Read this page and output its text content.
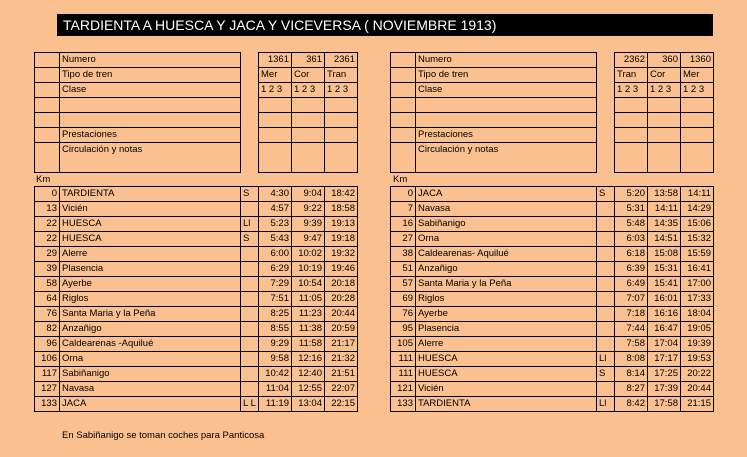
TARDIENTA A HUESCA Y JACA Y VICEVERSA ( NOVIEMBRE 1913)
	Numero		1361	361	2361
	Tipo de tren		Mer	Cor	Tran
	Clase		1 2 3	1 2 3	1 2 3

	Prestaciones				
	Circulación y notas				
	Numero		2362	360	1360
	Tipo de tren		Tran	Cor	Mer
	Clase		1 2 3	1 2 3	1 2 3

	Prestaciones				
	Circulación y notas				
Km	Km
0	TARDIENTA	S	4:30	9:04	18:42
13	Vicién		4:57	9:22	18:58
22	HUESCA	Ll	5:23	9:39	19:13
22	HUESCA	S	5:43	9:47	19:18
29	Alerre		6:00	10:02	19:32
39	Plasencia		6:29	10:19	19:46
58	Ayerbe		7:29	10:54	20:18
64	Riglos		7:51	11:05	20:28
76	Santa Maria y la Peña		8:25	11:23	20:44
82	Anzañigo		8:55	11:38	20:59
96	Caldearenas -Aquilué		9:29	11:58	21:17
106	Orna		9:58	12:16	21:32
117	Sabiñanigo		10:42	12:40	21:51
127	Navasa		11:04	12:55	22:07
133	JACA	L L	11:19	13:04	22:15
0	JACA	S	5:20	13:58	14:11
7	Navasa		5:31	14:11	14:29
16	Sabiñanigo		5:48	14:35	15:06
27	Orna		6:03	14:51	15:32
38	Caldearenas- Aquilué		6:18	15:08	15:59
51	Anzañigo		6:39	15:31	16:41
57	Santa Maria y la Peña		6:49	15:41	17:00
69	Riglos		7:07	16:01	17:33
76	Ayerbe		7:18	16:16	18:04
95	Plasencia		7:44	16:47	19:05
105	Alerre		7:58	17:04	19:39
111	HUESCA	Ll	8:08	17:17	19:53
111	HUESCA	S	8:14	17:25	20:22
121	Vicién		8:27	17:39	20:44
133	TARDIENTA	Ll	8:42	17:58	21:15
En Sabiñanigo se toman coches para Panticosa
